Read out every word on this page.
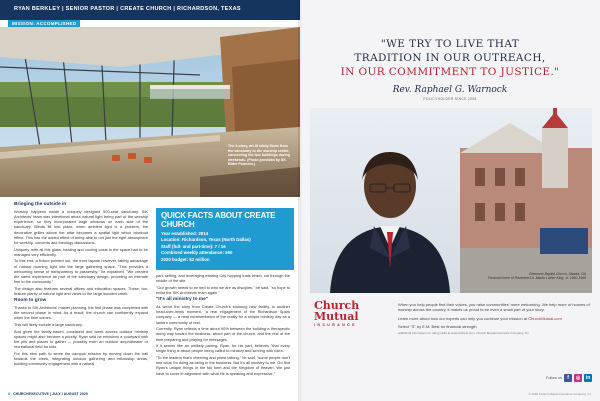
RYAN BERKLEY | SENIOR PASTOR | CREATE CHURCH | RICHARDSON, TEXAS
MISSION: ACCOMPLISHED
The 3-story, art-lit lobby flows from the sanctuary to the worship center, connecting the two buildings during weekends. (Photo provided by SK Bitter Partners.)
Bringing the outside in

Worship happens inside a uniquely designed 500-seat sanctuary. SIK Architects' team was intentional about natural light being part of the worship experience, so they incorporated large windows on each side of the sanctuary. Blinds lift into place, when ambient light is a problem, the decorative grilles above the altar becomes a spatial light which blackout effect. This has the added effect of being able to not just the right atmosphere for worship, concerts and theology discussions.

Uniquely, with all this glass, heating and cooling costs in the space had to be managed very efficiently.

To this end, a fixture pointed out, the front façade however, taking advantage of natural morning light into the large gathering space. "This provides a welcoming sense of transparency to passersby," he explained. "We created the same experience as part of the sanctuary design, providing an intimate feel to the community."

The design also features several offices and education spaces. These, too, feature plenty of natural light and views to the large wooded creek.

Room to grow

Thanks to SIK Architects' master planning, the first phase was completed with the second phase in mind. As a result, the church can confidently expand when the time comes.

This will likely include a large sanctuary.

And given the family-based, consistent and week access outdoor ministry spaces might also become a priority. Ryan said he envisions a courtyard with fire pits and places to gather — possibly even an outdoor amphitheater or recreational field for kids.

For this new path to serve the campus mission by moving down the hall towards the creek, integrating outdoor gathering and fellowship areas, building community engagement with a natural

QUICK FACTS ABOUT CREATE CHURCH
Year established: 2014
Location: Richardson, Texas (North Dallas)
Staff (full- and part-time): 7 / 16
Combined weekly attendance: 550
2020 budget: $2 million

park setting, and leveraging existing City hopping trails which, cut through the middle of the site.

"Our growth needs to be tied to who we are as disciples," he said, "so hope to enlist the SIK Architects team again."

"It's all ministry to me"

As we've the story from Create Church's stunning new facility, is another head-over-heels moment, "a real engagement of the Richardson Spark company — a neat representation of the reality for a unique ministry day as a lantern community of rest.

Currently, Ryan reflects a time about 90% between the building a therapeutic along way toward the business, about part of the church, and the rest of the time preparing and praying for messages.

If it seems like an unlikely pairing, Ryan, for his part, believes "that every single thing is about people being called to ministry and serving with roles.

"To the leaders that's cheering and priest talking," he said, "some people don't see what I'm doing as being in the business. But it's all ministry to me. Go find Ryan's unique things in the full form and the Kingdom of heaven. We just have to cover in alignment with what He is speaking and expressive."

8 CHURCHEXECUTIVE | JULY / AUGUST 2020
"WE TRY TO LIVE THAT
TRADITION IN OUR OUTREACH,
IN OUR COMMITMENT TO JUSTICE."
Rev. Raphael G. Warnock
POLICYHOLDER SINCE 2005
Ebenezer Baptist Church, Atlanta, GA
Pastoral home of Reverend Dr. Martin Luther King, Jr. 1960-1968
Church
Mutual
INSURANCE

When you help people find their voices, you raise communities' more welcoming. We help more of houses of worship across the country, it makes us proud to be even a small part of your story.

Learn more about how our experts can help you continue your mission at ChurchMutual.com

Select "S" by E.M. Best for financial strength
Additional information on rating visits at www.ambest.com. Church Mutual Insurance Company, S.I.

Follow us	f	◎	in
© 2020 Church Mutual Insurance Company, S.I.
